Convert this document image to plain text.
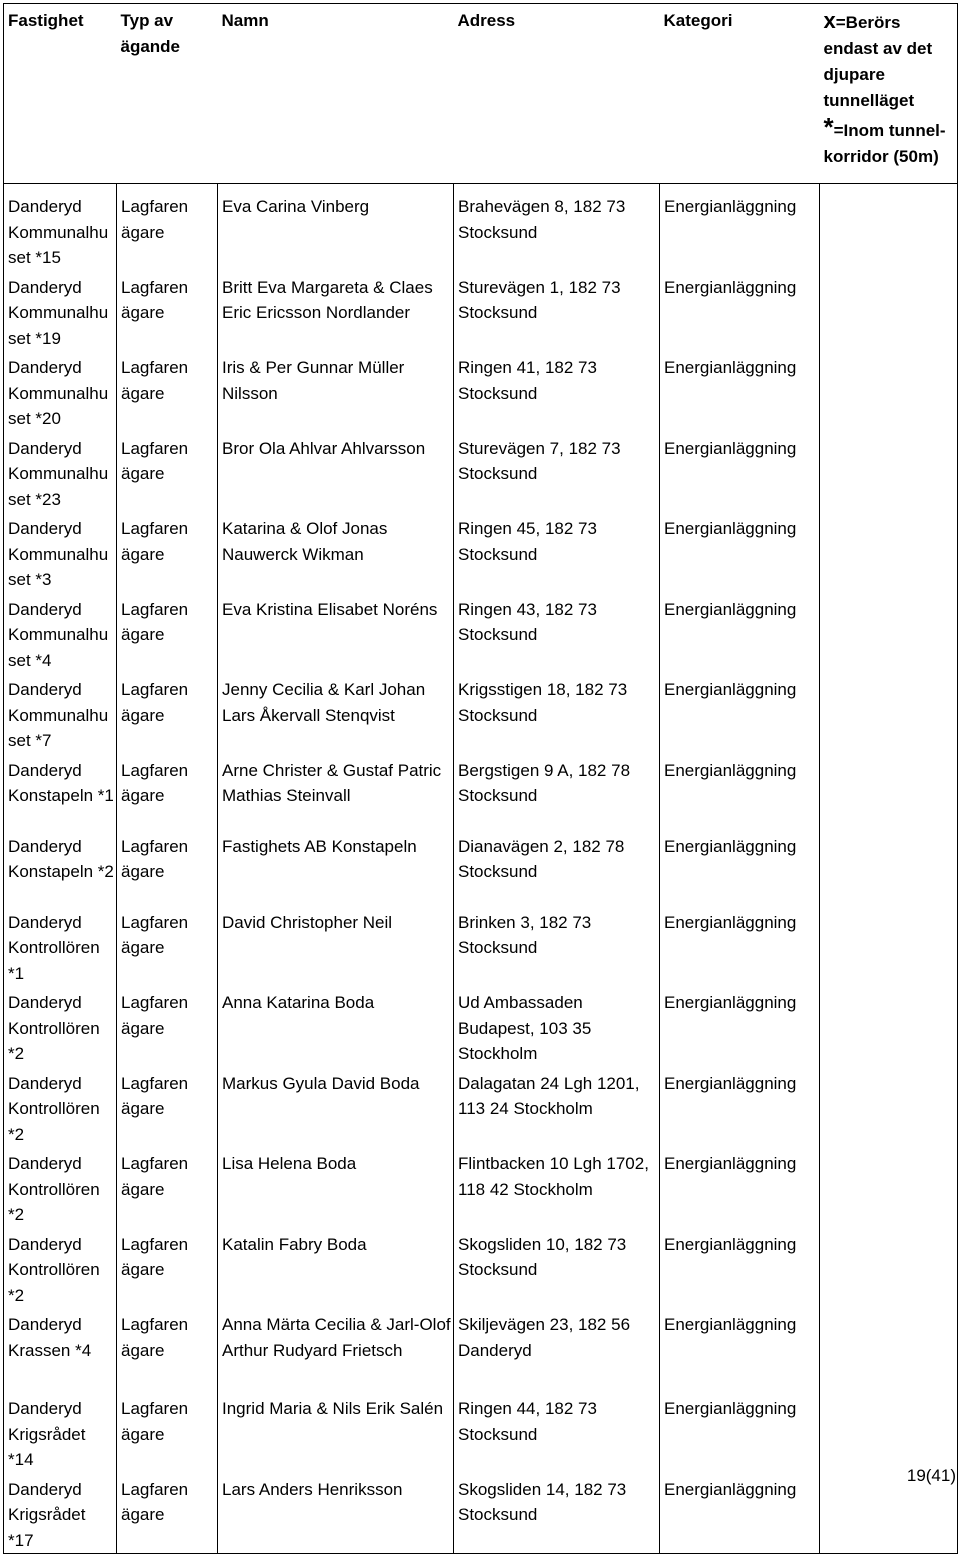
Fastighet	Typ av ägande	Namn	Adress	Kategori	x=Berörs endast av det djupare tunnelläget
*=Inom tunnel-korridor (50m)

Danderyd Kommunalhu set *15	Lagfaren ägare	Eva Carina Vinberg	Brahevägen 8, 182 73 Stocksund	Energianläggning	
Danderyd Kommunalhu set *19	Lagfaren ägare	Britt Eva Margareta & Claes Eric Ericsson Nordlander	Sturevägen 1, 182 73 Stocksund	Energianläggning	
Danderyd Kommunalhu set *20	Lagfaren ägare	Iris & Per Gunnar Müller Nilsson	Ringen 41, 182 73 Stocksund	Energianläggning	
Danderyd Kommunalhu set *23	Lagfaren ägare	Bror Ola Ahlvar Ahlvarsson	Sturevägen 7, 182 73 Stocksund	Energianläggning	
Danderyd Kommunalhu set *3	Lagfaren ägare	Katarina & Olof Jonas Nauwerck Wikman	Ringen 45, 182 73 Stocksund	Energianläggning	
Danderyd Kommunalhu set *4	Lagfaren ägare	Eva Kristina Elisabet Noréns	Ringen 43, 182 73 Stocksund	Energianläggning	
Danderyd Kommunalhu set *7	Lagfaren ägare	Jenny Cecilia & Karl Johan Lars Åkervall Stenqvist	Krigsstigen 18, 182 73 Stocksund	Energianläggning	
Danderyd Konstapeln *1	Lagfaren ägare	Arne Christer & Gustaf Patric Mathias Steinvall	Bergstigen 9 A, 182 78 Stocksund	Energianläggning	
Danderyd Konstapeln *2	Lagfaren ägare	Fastighets AB Konstapeln	Dianavägen 2, 182 78 Stocksund	Energianläggning	
Danderyd Kontrollören *1	Lagfaren ägare	David Christopher Neil	Brinken 3, 182 73 Stocksund	Energianläggning	
Danderyd Kontrollören *2	Lagfaren ägare	Anna Katarina Boda	Ud Ambassaden Budapest, 103 35 Stockholm	Energianläggning	
Danderyd Kontrollören *2	Lagfaren ägare	Markus Gyula David Boda	Dalagatan 24 Lgh 1201, 113 24 Stockholm	Energianläggning	
Danderyd Kontrollören *2	Lagfaren ägare	Lisa Helena Boda	Flintbacken 10 Lgh 1702, 118 42 Stockholm	Energianläggning	
Danderyd Kontrollören *2	Lagfaren ägare	Katalin Fabry Boda	Skogsliden 10, 182 73 Stocksund	Energianläggning	
Danderyd Krassen *4	Lagfaren ägare	Anna Märta Cecilia & Jarl-Olof Arthur Rudyard Frietsch	Skiljevägen 23, 182 56 Danderyd	Energianläggning	

Danderyd Krigsrådet *14	Lagfaren ägare	Ingrid Maria & Nils Erik Salén	Ringen 44, 182 73 Stocksund	Energianläggning	
Danderyd Krigsrådet *17	Lagfaren ägare	Lars Anders Henriksson	Skogsliden 14, 182 73 Stocksund	Energianläggning	
19(41)
